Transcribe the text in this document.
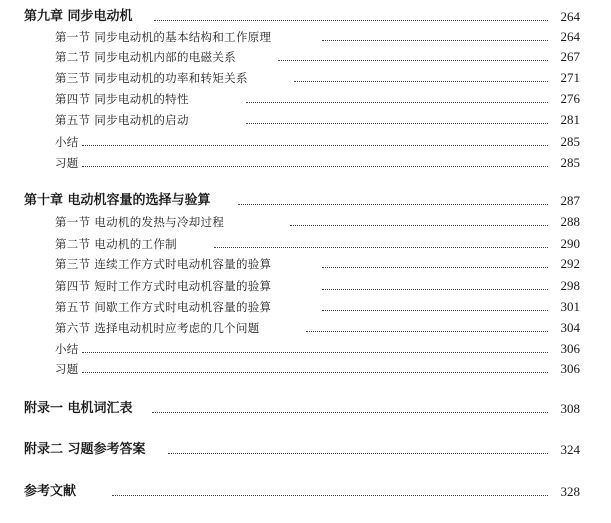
第九章 同步电动机	264
第一节 同步电动机的基本结构和工作原理	264
第二节 同步电动机内部的电磁关系	267
第三节 同步电动机的功率和转矩关系	271
第四节 同步电动机的特性	276
第五节 同步电动机的启动	281
小结	285
习题	285
第十章 电动机容量的选择与验算	287
第一节 电动机的发热与冷却过程	288
第二节 电动机的工作制	290
第三节 连续工作方式时电动机容量的验算	292
第四节 短时工作方式时电动机容量的验算	298
第五节 间歇工作方式时电动机容量的验算	301
第六节 选择电动机时应考虑的几个问题	304
小结	306
习题	306
附录一 电机词汇表	308
附录二 习题参考答案	324
参考文献	328
